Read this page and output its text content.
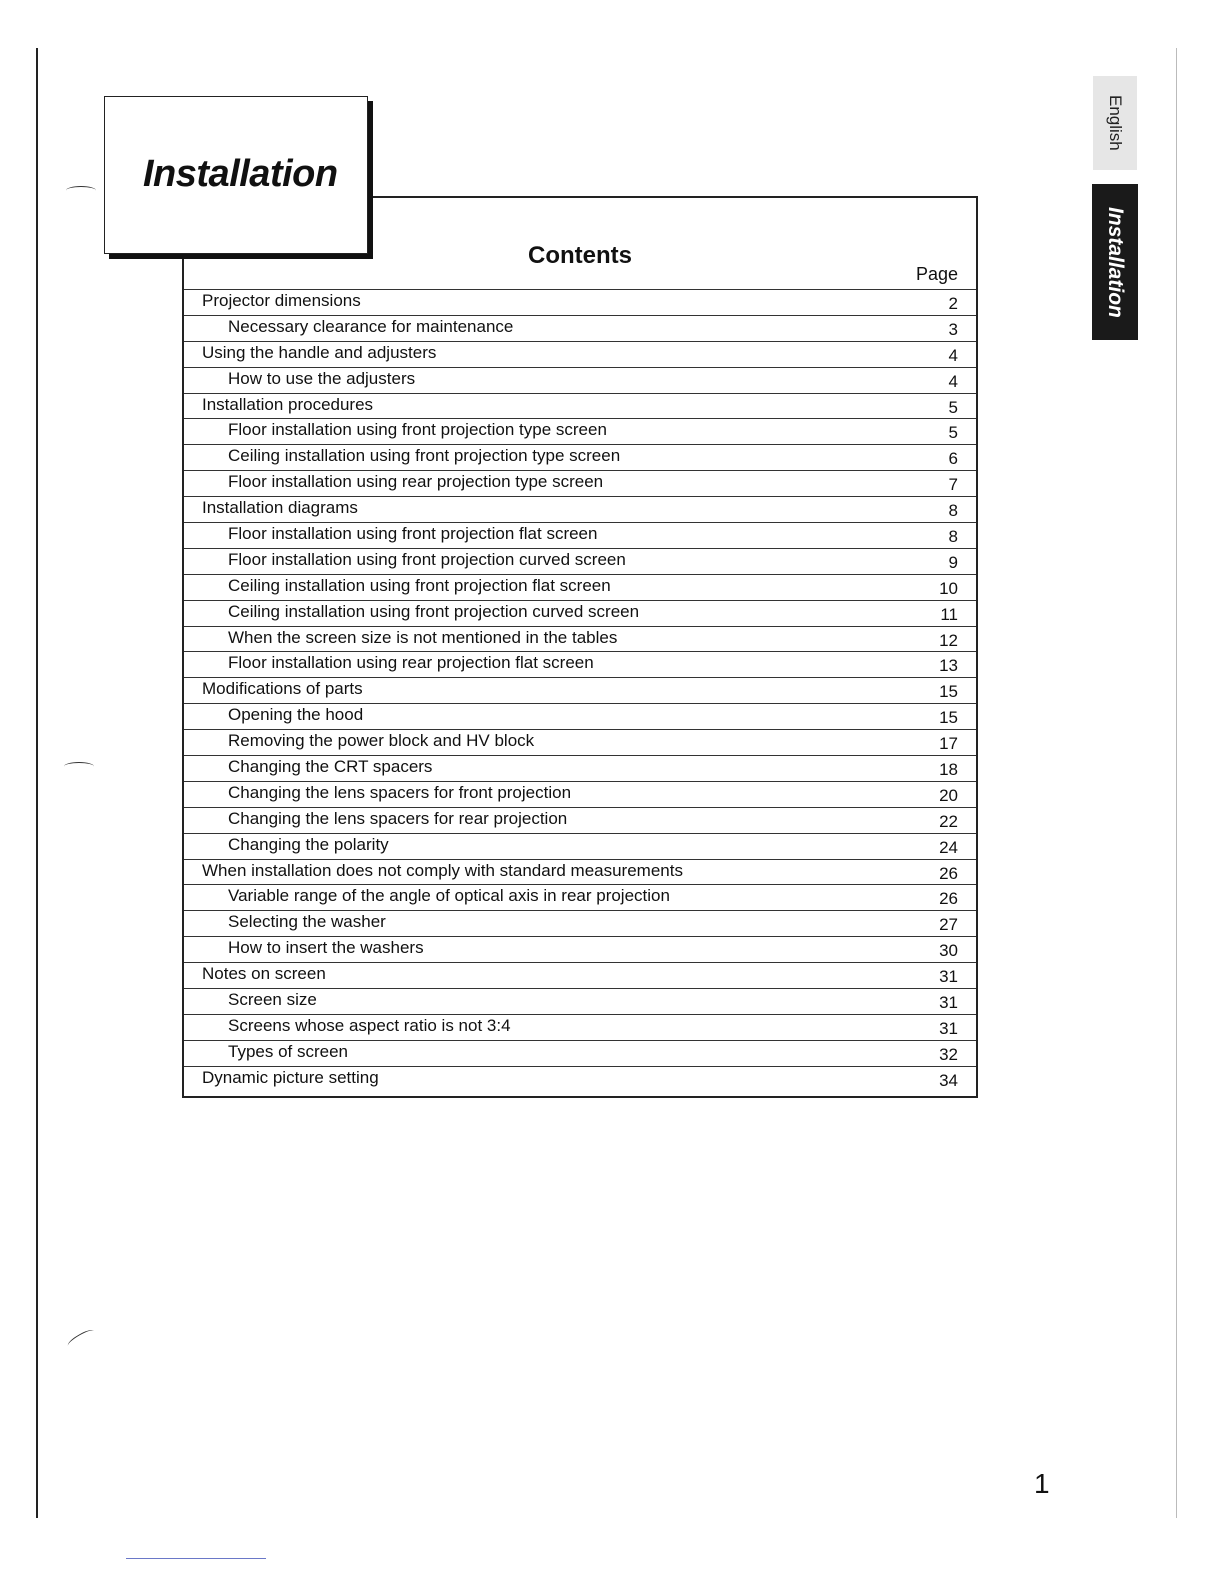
Installation
Contents
Page
Projector dimensions	2
Necessary clearance for maintenance	3
Using the handle and adjusters	4
How to use the adjusters	4
Installation procedures	5
Floor installation using front projection type screen	5
Ceiling installation using front projection type screen	6
Floor installation using rear projection type screen	7
Installation diagrams	8
Floor installation using front projection flat screen	8
Floor installation using front projection curved screen	9
Ceiling installation using front projection flat screen	10
Ceiling installation using front projection curved screen	11
When the screen size is not mentioned in the tables	12
Floor installation using rear projection flat screen	13
Modifications of parts	15
Opening the hood	15
Removing the power block and HV block	17
Changing the CRT spacers	18
Changing the lens spacers for front projection	20
Changing the lens spacers for rear projection	22
Changing the polarity	24
When installation does not comply with standard measurements	26
Variable range of the angle of optical axis in rear projection	26
Selecting the washer	27
How to insert the washers	30
Notes on screen	31
Screen size	31
Screens whose aspect ratio is not 3:4	31
Types of screen	32
Dynamic picture setting	34
English
Installation
1
